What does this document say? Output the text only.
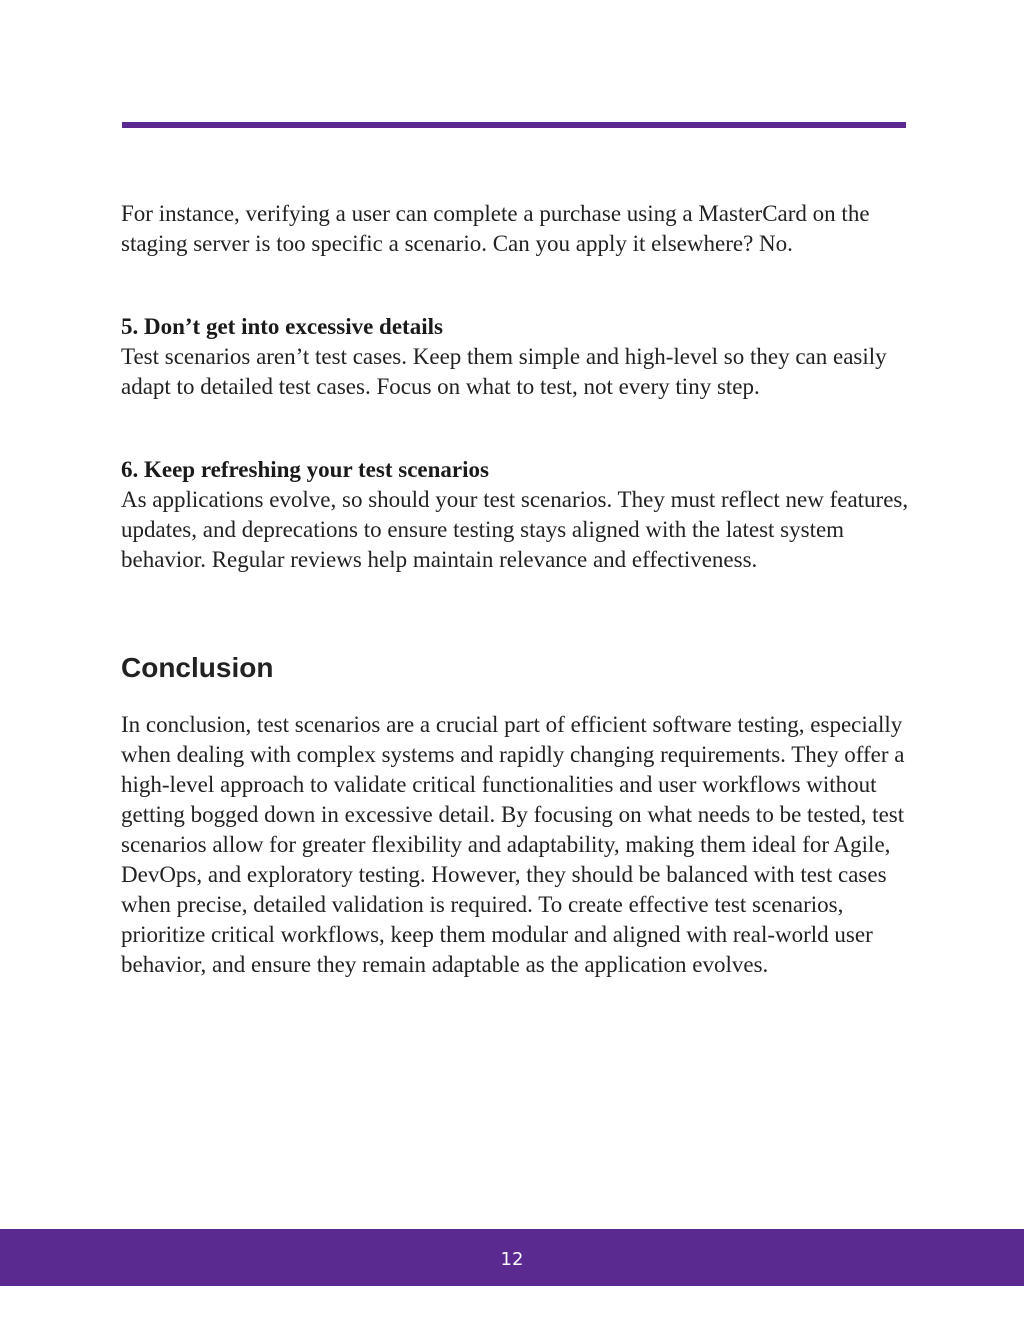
For instance, verifying a user can complete a purchase using a MasterCard on the staging server is too specific a scenario. Can you apply it elsewhere? No.

5. Don’t get into excessive details

Test scenarios aren’t test cases. Keep them simple and high-level so they can easily adapt to detailed test cases. Focus on what to test, not every tiny step.

6. Keep refreshing your test scenarios

As applications evolve, so should your test scenarios. They must reflect new features, updates, and deprecations to ensure testing stays aligned with the latest system behavior. Regular reviews help maintain relevance and effectiveness.

Conclusion

In conclusion, test scenarios are a crucial part of efficient software testing, especially when dealing with complex systems and rapidly changing requirements. They offer a high-level approach to validate critical functionalities and user workflows without getting bogged down in excessive detail. By focusing on what needs to be tested, test scenarios allow for greater flexibility and adaptability, making them ideal for Agile, DevOps, and exploratory testing. However, they should be balanced with test cases when precise, detailed validation is required. To create effective test scenarios, prioritize critical workflows, keep them modular and aligned with real-world user behavior, and ensure they remain adaptable as the application evolves.

12
